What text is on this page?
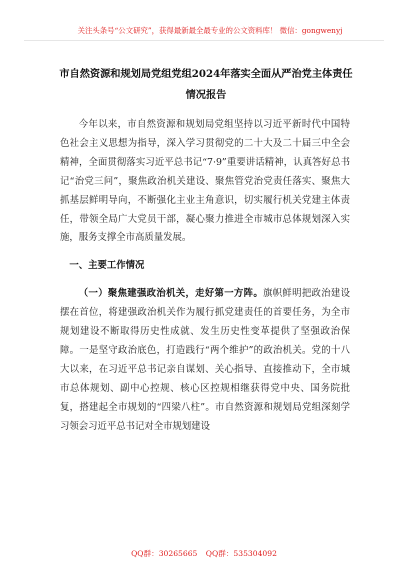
关注头条号“公文研究”，获得最新最全最专业的公文资料库！ 微信：gongwenyj
市自然资源和规划局党组党组2024年落实全面从严治党主体责任情况报告

今年以来，市自然资源和规划局党组坚持以习近平新时代中国特色社会主义思想为指导，深入学习贯彻党的二十大及二十届三中全会精神，全面贯彻落实习近平总书记“7·9”重要讲话精神，认真答好总书记“治党三问”，聚焦政治机关建设、聚焦管党治党责任落实、聚焦大抓基层鲜明导向，不断强化主业主角意识，切实履行机关党建主体责任，带领全局广大党员干部，凝心聚力推进全市城市总体规划深入实施，服务支撑全市高质量发展。

一、主要工作情况

（一）聚焦建强政治机关，走好第一方阵。旗帜鲜明把政治建设摆在首位，将建强政治机关作为履行抓党建责任的首要任务，为全市规划建设不断取得历史性成就、发生历史性变革提供了坚强政治保障。一是坚守政治底色，打造践行“两个维护”的政治机关。党的十八大以来，在习近平总书记亲自谋划、关心指导、直接推动下，全市城市总体规划、副中心控规、核心区控规相继获得党中央、国务院批复，搭建起全市规划的“四梁八柱”。市自然资源和规划局党组深刻学习领会习近平总书记对全市规划建设

QQ群：30265665 QQ群：535304092
